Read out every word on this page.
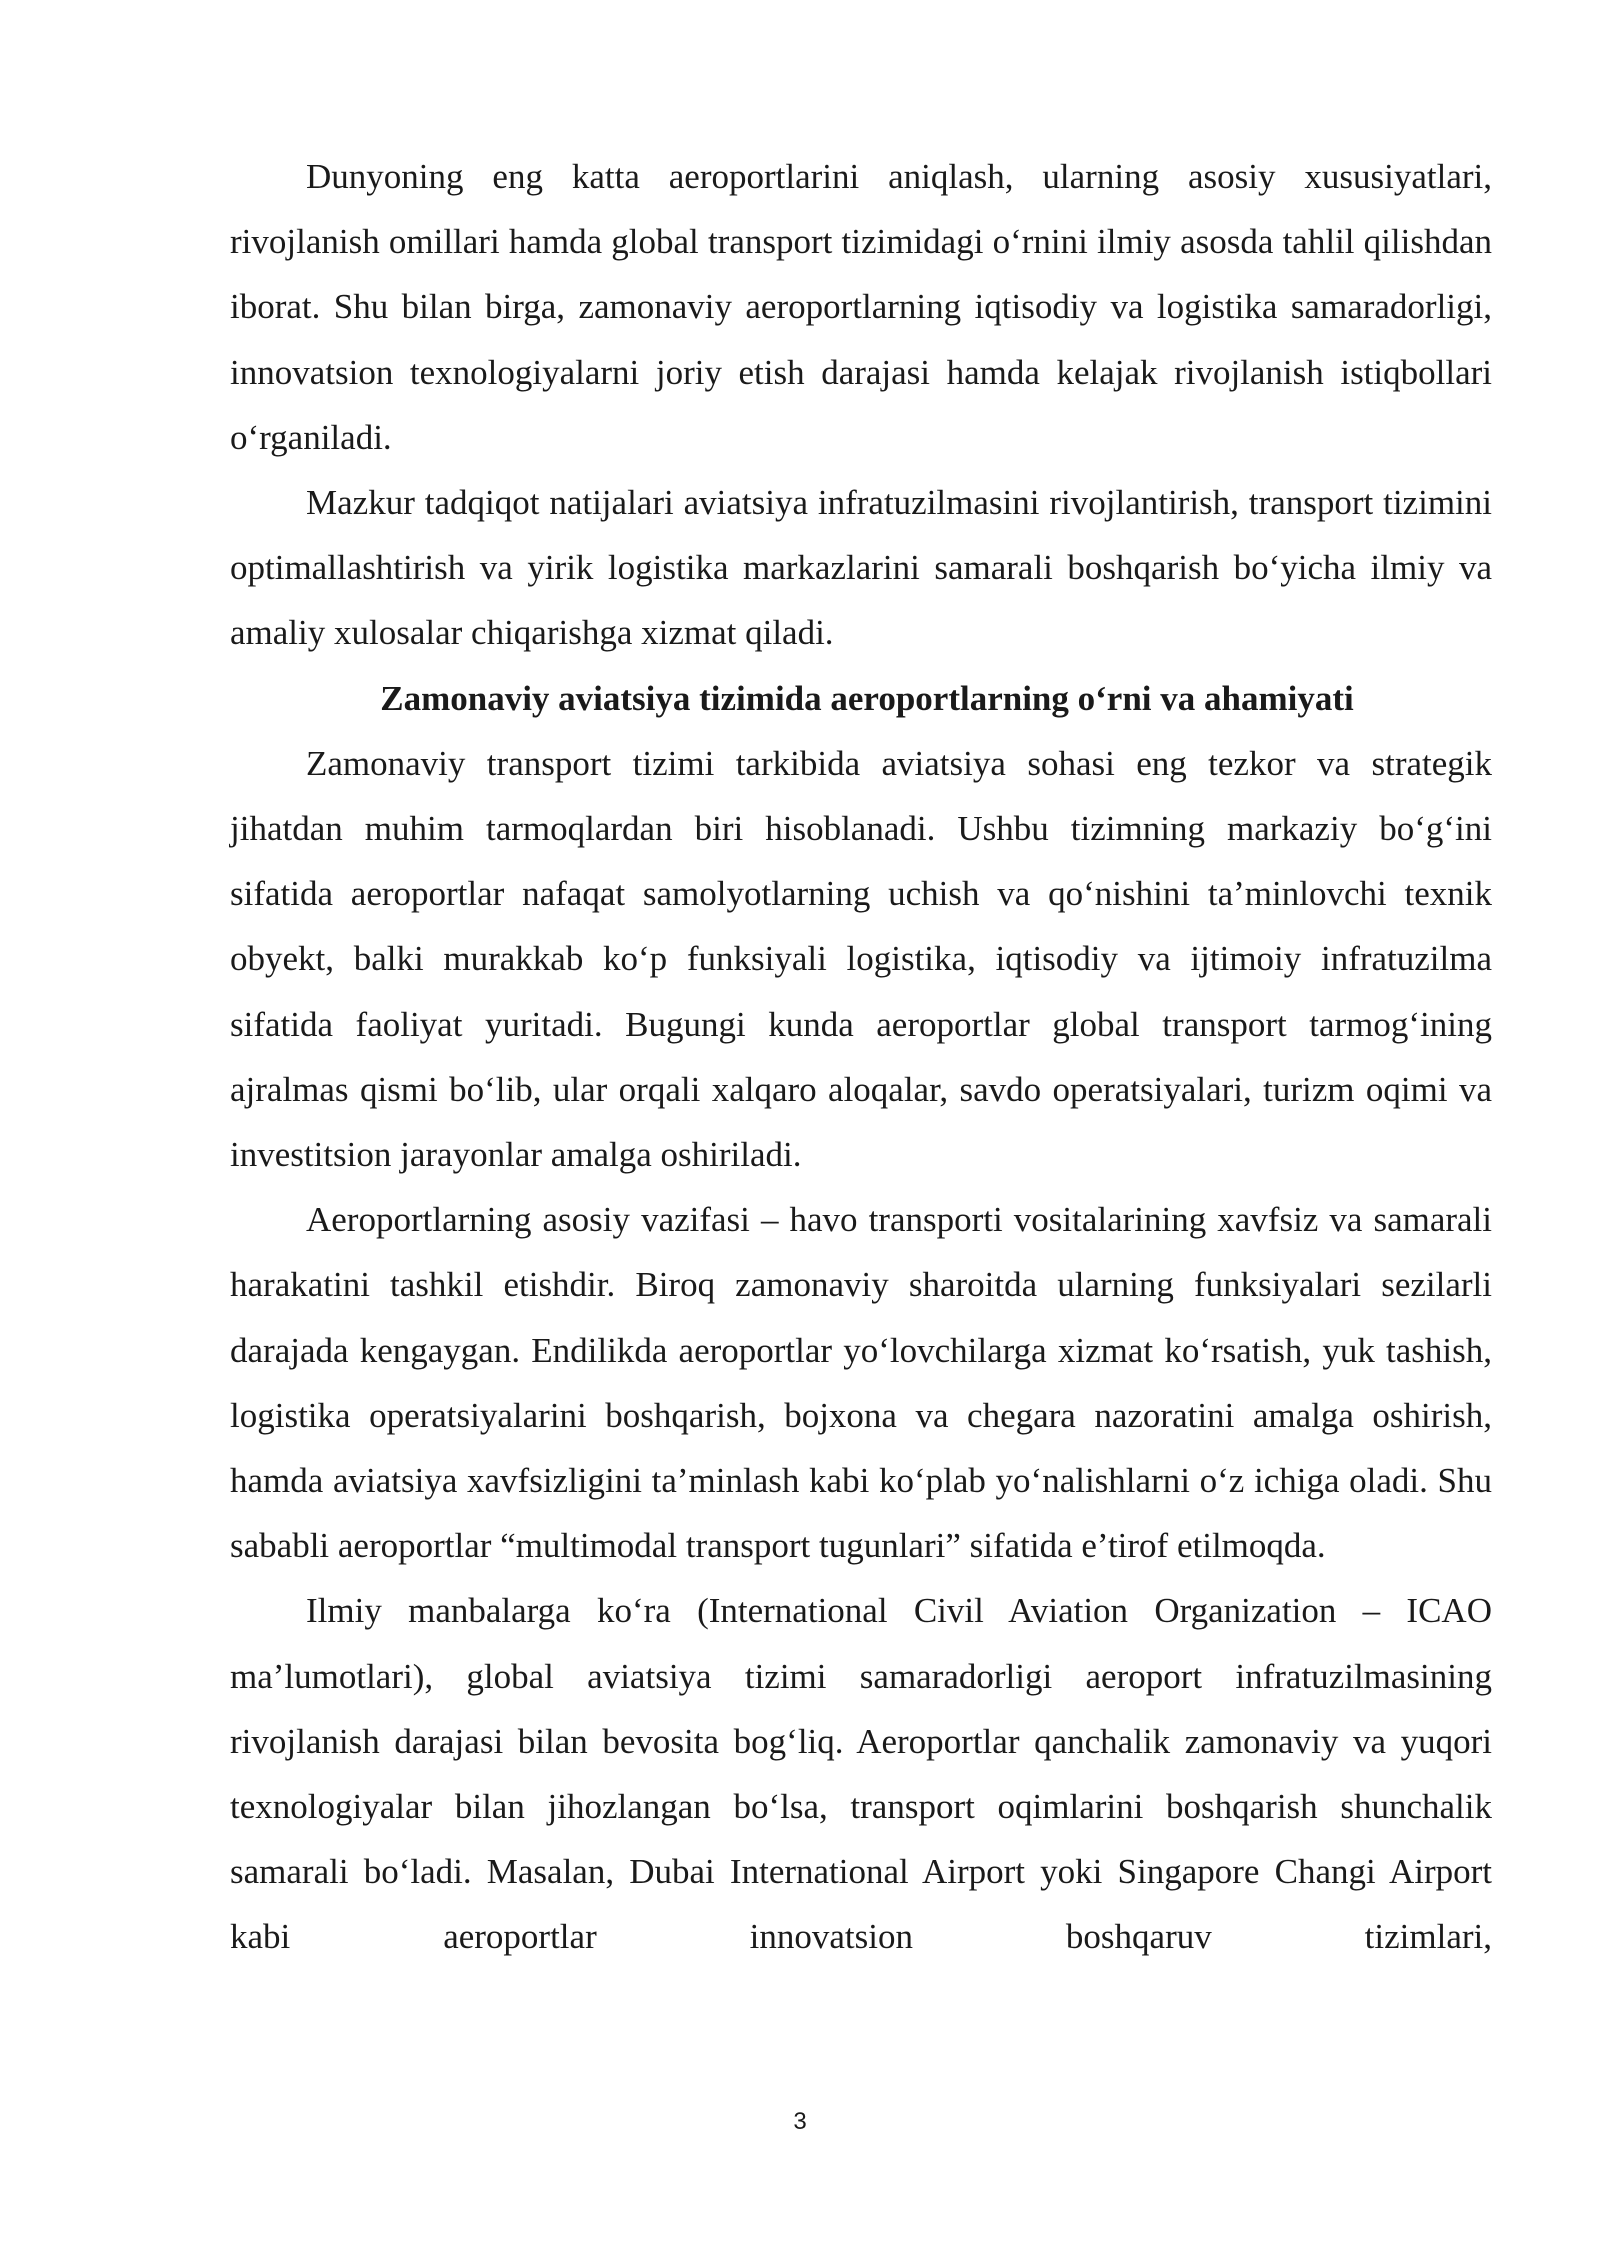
Dunyoning eng katta aeroportlarini aniqlash, ularning asosiy xususiyatlari, rivojlanish omillari hamda global transport tizimidagi o‘rnini ilmiy asosda tahlil qilishdan iborat. Shu bilan birga, zamonaviy aeroportlarning iqtisodiy va logistika samaradorligi, innovatsion texnologiyalarni joriy etish darajasi hamda kelajak rivojlanish istiqbollari o‘rganiladi.

Mazkur tadqiqot natijalari aviatsiya infratuzilmasini rivojlantirish, transport tizimini optimallashtirish va yirik logistika markazlarini samarali boshqarish bo‘yicha ilmiy va amaliy xulosalar chiqarishga xizmat qiladi.

Zamonaviy aviatsiya tizimida aeroportlarning o‘rni va ahamiyati

Zamonaviy transport tizimi tarkibida aviatsiya sohasi eng tezkor va strategik jihatdan muhim tarmoqlardan biri hisoblanadi. Ushbu tizimning markaziy bo‘g‘ini sifatida aeroportlar nafaqat samolyotlarning uchish va qo‘nishini ta’minlovchi texnik obyekt, balki murakkab ko‘p funksiyali logistika, iqtisodiy va ijtimoiy infratuzilma sifatida faoliyat yuritadi. Bugungi kunda aeroportlar global transport tarmog‘ining ajralmas qismi bo‘lib, ular orqali xalqaro aloqalar, savdo operatsiyalari, turizm oqimi va investitsion jarayonlar amalga oshiriladi.

Aeroportlarning asosiy vazifasi – havo transporti vositalarining xavfsiz va samarali harakatini tashkil etishdir. Biroq zamonaviy sharoitda ularning funksiyalari sezilarli darajada kengaygan. Endilikda aeroportlar yo‘lovchilarga xizmat ko‘rsatish, yuk tashish, logistika operatsiyalarini boshqarish, bojxona va chegara nazoratini amalga oshirish, hamda aviatsiya xavfsizligini ta’minlash kabi ko‘plab yo‘nalishlarni o‘z ichiga oladi. Shu sababli aeroportlar “multimodal transport tugunlari” sifatida e’tirof etilmoqda.

Ilmiy manbalarga ko‘ra (International Civil Aviation Organization – ICAO ma’lumotlari), global aviatsiya tizimi samaradorligi aeroport infratuzilmasining rivojlanish darajasi bilan bevosita bog‘liq. Aeroportlar qanchalik zamonaviy va yuqori texnologiyalar bilan jihozlangan bo‘lsa, transport oqimlarini boshqarish shunchalik samarali bo‘ladi. Masalan, Dubai International Airport yoki Singapore Changi Airport kabi aeroportlar innovatsion boshqaruv tizimlari,

3
